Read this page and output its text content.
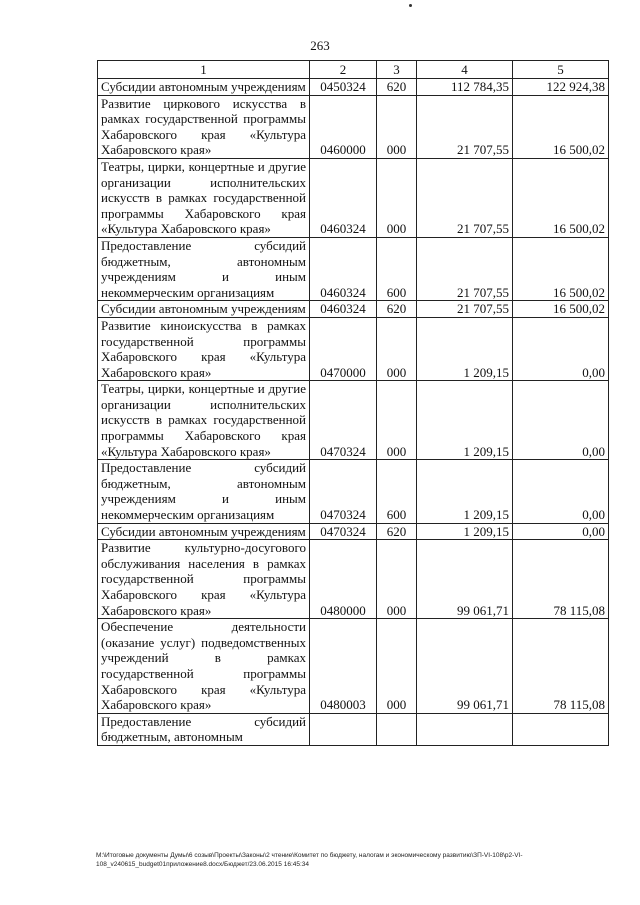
263
1	2	3	4	5
Субсидии автономным учреждениям	0450324	620	112 784,35	122 924,38
Развитие циркового искусства в рамках государственной программы Хабаровского края «Культура Хабаровского края»	0460000	000	21 707,55	16 500,02
Театры, цирки, концертные и другие организации исполнительских искусств в рамках государственной программы Хабаровского края «Культура Хабаровского края»	0460324	000	21 707,55	16 500,02
Предоставление субсидий бюджетным, автономным учреждениям и иным некоммерческим организациям	0460324	600	21 707,55	16 500,02
Субсидии автономным учреждениям	0460324	620	21 707,55	16 500,02
Развитие киноискусства в рамках государственной программы Хабаровского края «Культура Хабаровского края»	0470000	000	1 209,15	0,00
Театры, цирки, концертные и другие организации исполнительских искусств в рамках государственной программы Хабаровского края «Культура Хабаровского края»	0470324	000	1 209,15	0,00
Предоставление субсидий бюджетным, автономным учреждениям и иным некоммерческим организациям	0470324	600	1 209,15	0,00
Субсидии автономным учреждениям	0470324	620	1 209,15	0,00
Развитие культурно-досугового обслуживания населения в рамках государственной программы Хабаровского края «Культура Хабаровского края»	0480000	000	99 061,71	78 115,08
Обеспечение деятельности (оказание услуг) подведомственных учреждений в рамках государственной программы Хабаровского края «Культура Хабаровского края»	0480003	000	99 061,71	78 115,08
Предоставление субсидий бюджетным, автономным				
M:\Итоговые документы Думы\6 созыв\Проекты\Законы\2 чтение\Комитет по бюджету, налогам и экономическому развитию\ЗП-VI-108\р2-VI-
108_v240615_budget01приложение8.docx/Бюджет/23.06.2015 16:45:34
